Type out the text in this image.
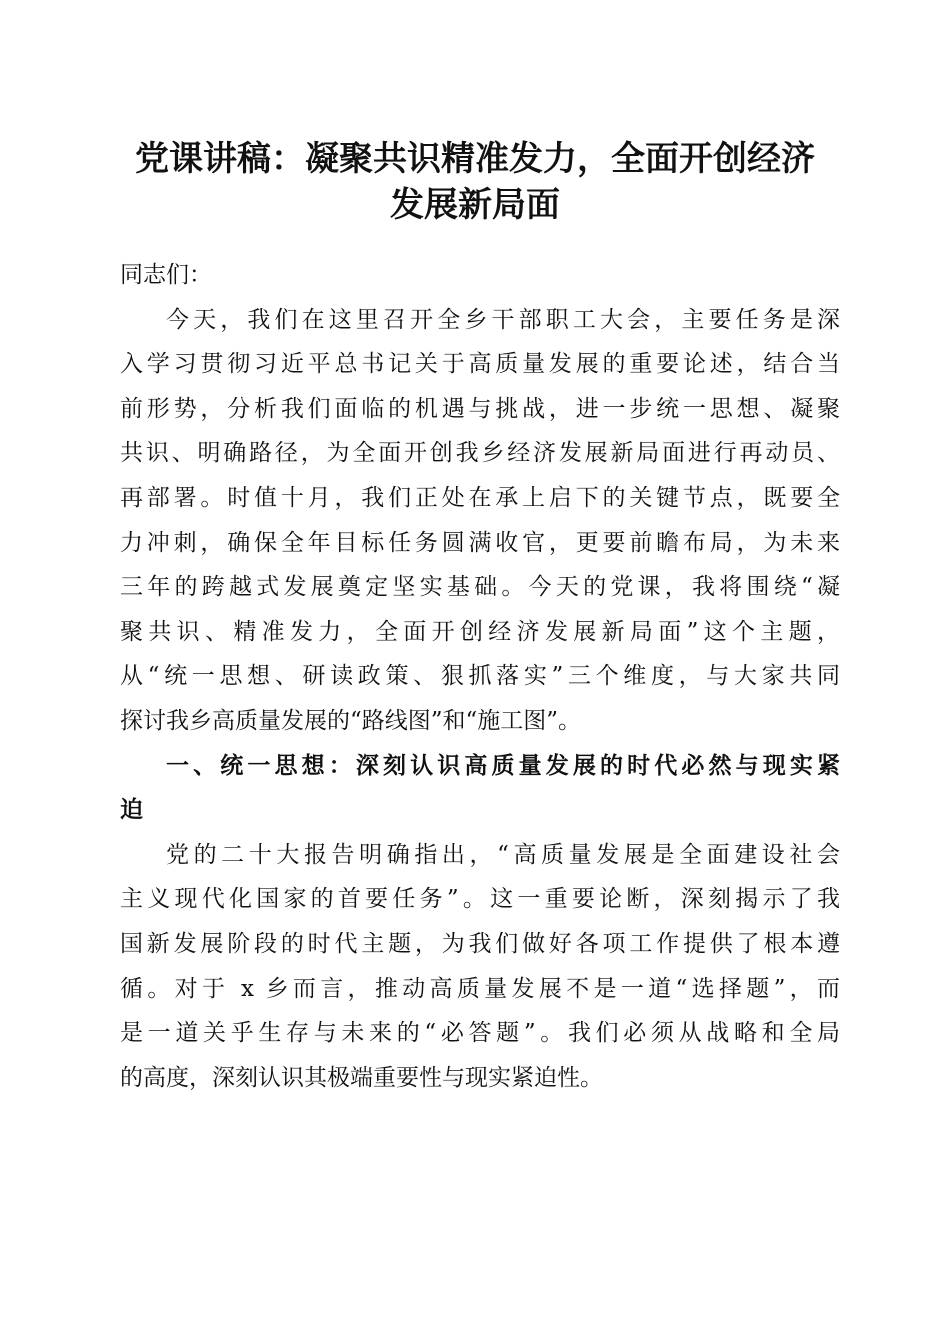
党课讲稿：凝聚共识精准发力，全面开创经济
发展新局面
同志们：
今天，我们在这里召开全乡干部职工大会，主要任务是深
入学习贯彻习近平总书记关于高质量发展的重要论述，结合当
前形势，分析我们面临的机遇与挑战，进一步统一思想、凝聚
共识、明确路径，为全面开创我乡经济发展新局面进行再动员、
再部署。时值十月，我们正处在承上启下的关键节点，既要全
力冲刺，确保全年目标任务圆满收官，更要前瞻布局，为未来
三年的跨越式发展奠定坚实基础。今天的党课，我将围绕“凝
聚共识、精准发力，全面开创经济发展新局面”这个主题，
从“统一思想、研读政策、狠抓落实”三个维度，与大家共同
探讨我乡高质量发展的“路线图”和“施工图”。
一、统一思想：深刻认识高质量发展的时代必然与现实紧
迫
党的二十大报告明确指出，“高质量发展是全面建设社会
主义现代化国家的首要任务”。这一重要论断，深刻揭示了我
国新发展阶段的时代主题，为我们做好各项工作提供了根本遵
循。对于 x 乡而言，推动高质量发展不是一道“选择题”，而
是一道关乎生存与未来的“必答题”。我们必须从战略和全局
的高度，深刻认识其极端重要性与现实紧迫性。
